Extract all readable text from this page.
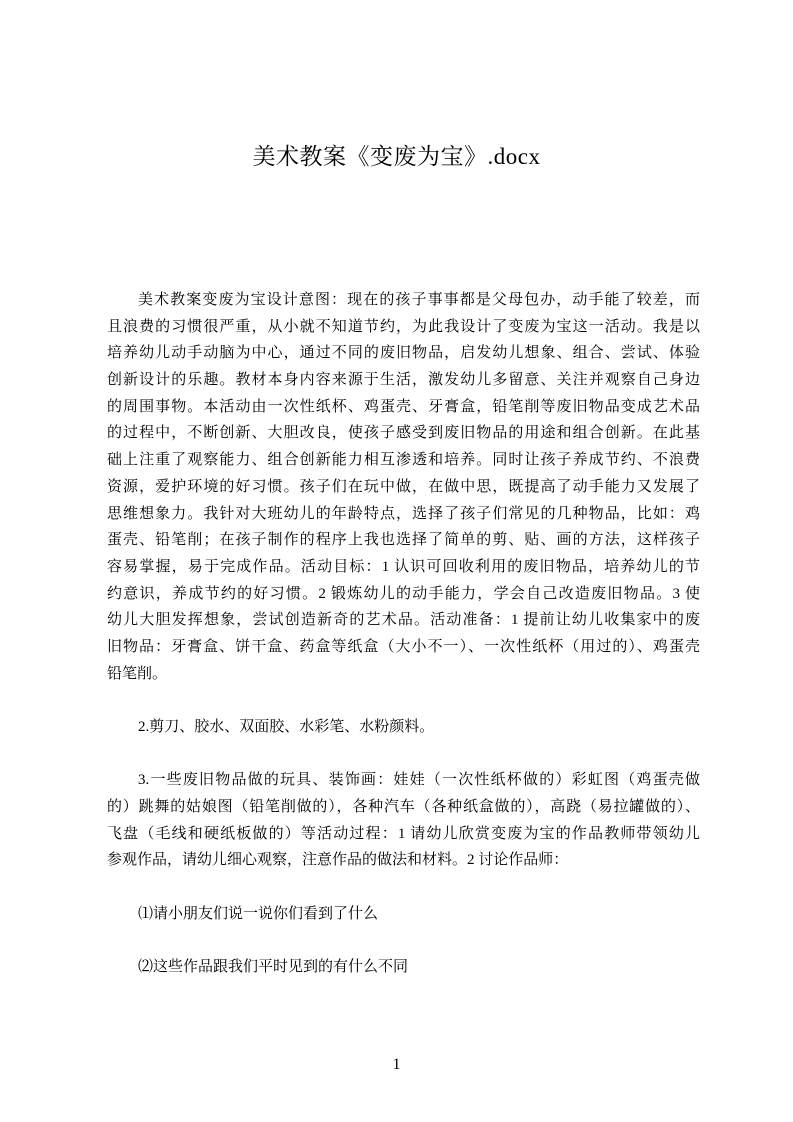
美术教案《变废为宝》.docx
美术教案变废为宝设计意图：现在的孩子事事都是父母包办，动手能了较差，而
且浪费的习惯很严重，从小就不知道节约，为此我设计了变废为宝这一活动。我是以
培养幼儿动手动脑为中心，通过不同的废旧物品，启发幼儿想象、组合、尝试、体验
创新设计的乐趣。教材本身内容来源于生活，激发幼儿多留意、关注并观察自己身边
的周围事物。本活动由一次性纸杯、鸡蛋壳、牙膏盒，铅笔削等废旧物品变成艺术品
的过程中，不断创新、大胆改良，使孩子感受到废旧物品的用途和组合创新。在此基
础上注重了观察能力、组合创新能力相互渗透和培养。同时让孩子养成节约、不浪费
资源，爱护环境的好习惯。孩子们在玩中做，在做中思，既提高了动手能力又发展了
思维想象力。我针对大班幼儿的年龄特点，选择了孩子们常见的几种物品，比如：鸡
蛋壳、铅笔削；在孩子制作的程序上我也选择了简单的剪、贴、画的方法，这样孩子
容易掌握，易于完成作品。活动目标：1 认识可回收利用的废旧物品，培养幼儿的节
约意识，养成节约的好习惯。2 锻炼幼儿的动手能力，学会自己改造废旧物品。3 使
幼儿大胆发挥想象，尝试创造新奇的艺术品。活动准备：1 提前让幼儿收集家中的废
旧物品：牙膏盒、饼干盒、药盒等纸盒（大小不一）、一次性纸杯（用过的）、鸡蛋壳
铅笔削。
2.剪刀、胶水、双面胶、水彩笔、水粉颜料。
3.一些废旧物品做的玩具、装饰画：娃娃（一次性纸杯做的）彩虹图（鸡蛋壳做
的）跳舞的姑娘图（铅笔削做的），各种汽车（各种纸盒做的），高跷（易拉罐做的）、
飞盘（毛线和硬纸板做的）等活动过程：1 请幼儿欣赏变废为宝的作品教师带领幼儿
参观作品，请幼儿细心观察，注意作品的做法和材料。2 讨论作品师：
⑴请小朋友们说一说你们看到了什么
⑵这些作品跟我们平时见到的有什么不同
1
